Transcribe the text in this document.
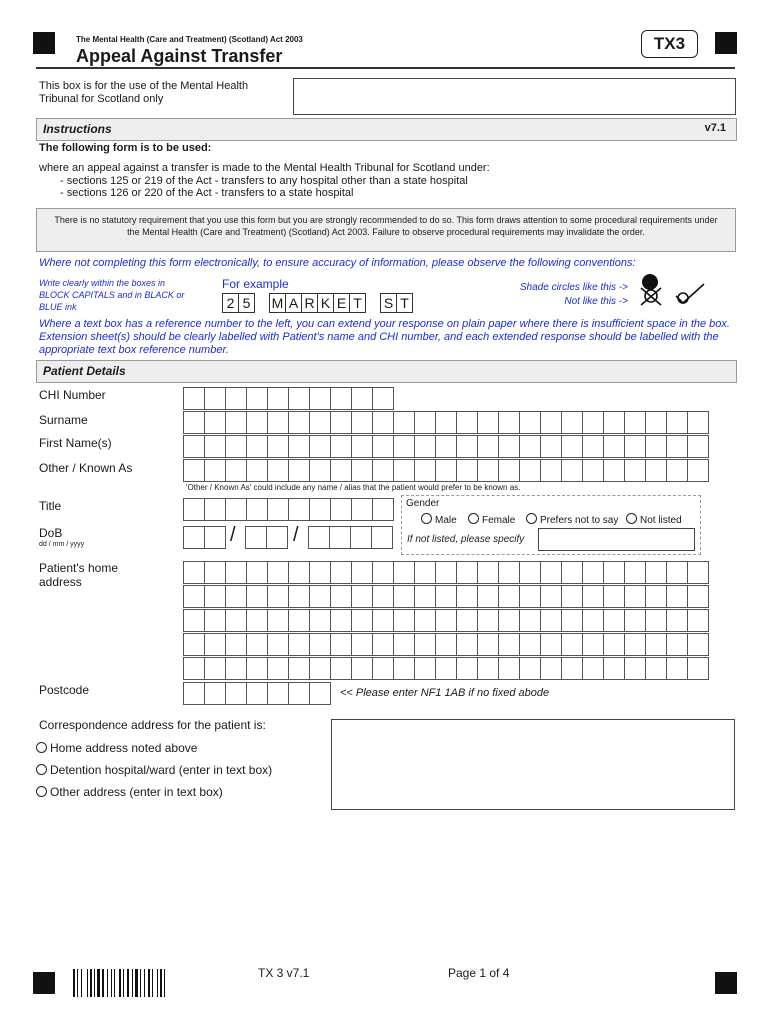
The Mental Health (Care and Treatment) (Scotland) Act 2003
Appeal Against Transfer
TX3
This box is for the use of the Mental Health Tribunal for Scotland only
Instructions	v7.1
The following form is to be used:
where an appeal against a transfer is made to the Mental Health Tribunal for Scotland under:
- sections 125 or 219 of the Act - transfers to any hospital other than a state hospital
- sections 126 or 220 of the Act - transfers to a state hospital
There is no statutory requirement that you use this form but you are strongly recommended to do so. This form draws attention to some procedural requirements under the Mental Health (Care and Treatment) (Scotland) Act 2003. Failure to observe procedural requirements may invalidate the order.
Where not completing this form electronically, to ensure accuracy of information, please observe the following conventions:
Write clearly within the boxes in BLOCK CAPITALS and in BLACK or BLUE ink
For example
2 5	M A R K E T	S T
Shade circles like this ->
Not like this ->
Where a text box has a reference number to the left, you can extend your response on plain paper where there is insufficient space in the box. Extension sheet(s) should be clearly labelled with Patient's name and CHI number, and each extended response should be labelled with the appropriate text box reference number.
Patient Details
CHI Number
Surname
First Name(s)
Other / Known As
'Other / Known As' could include any name / alias that the patient would prefer to be known as.
Title
DoB
dd / mm / yyyy	/	/
Gender
Male	Female	Prefers not to say	Not listed
If not listed, please specify
Patient's home address
Postcode	<< Please enter NF1 1AB if no fixed abode
Correspondence address for the patient is:
Home address noted above
Detention hospital/ward (enter in text box)
Other address (enter in text box)
TX 3 v7.1	Page 1 of 4
